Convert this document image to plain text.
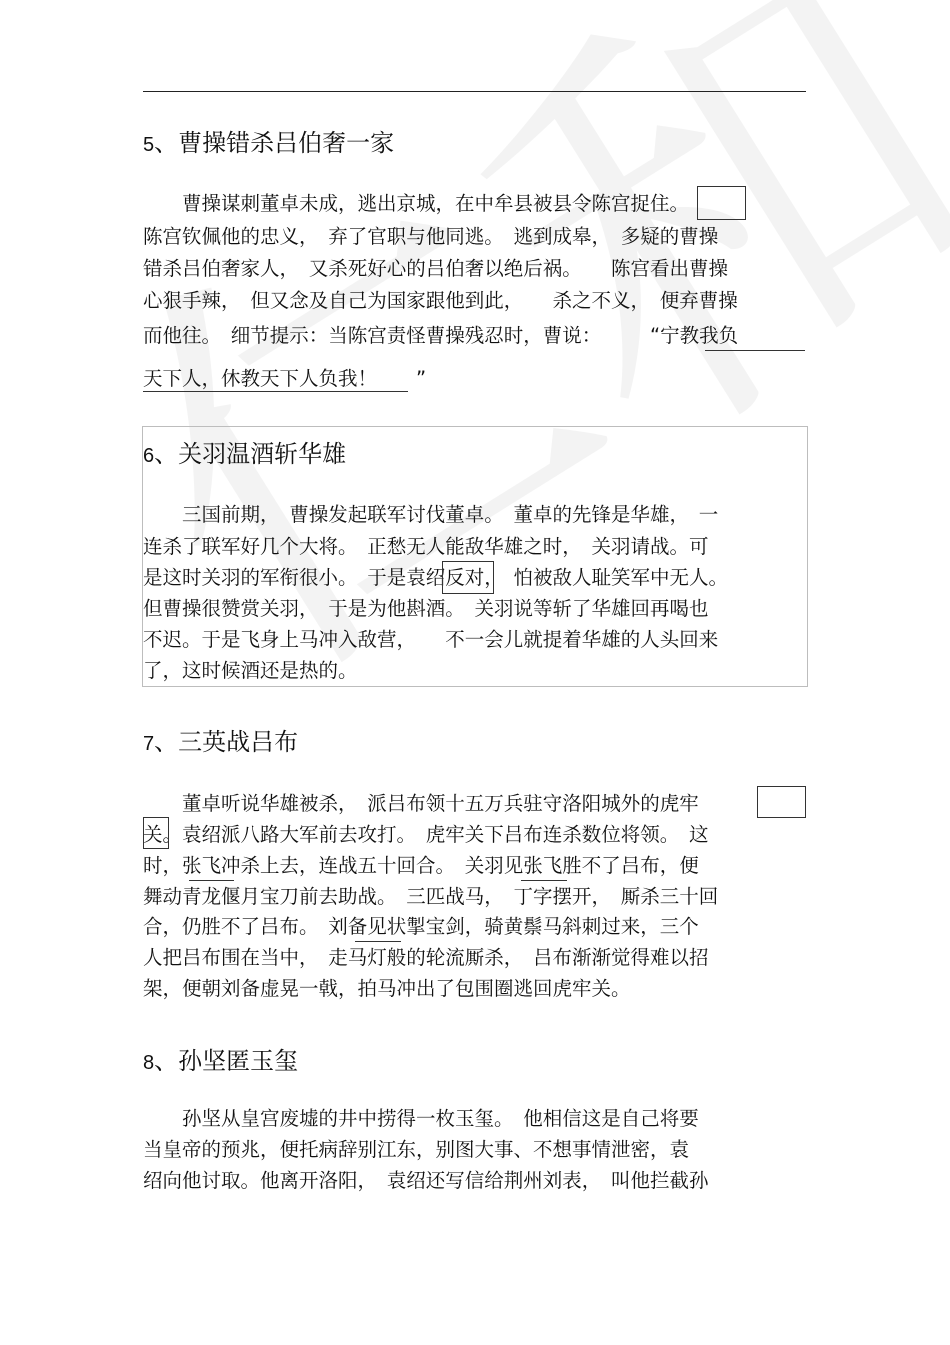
5、曹操错杀吕伯奢一家
　　曹操谋刺董卓未成，逃出京城，在中牟县被县令陈宫捉住。
陈宫钦佩他的忠义，　弃了官职与他同逃。　逃到成皋，　多疑的曹操
错杀吕伯奢家人，　又杀死好心的吕伯奢以绝后祸。　　陈宫看出曹操
心狠手辣，　但又念及自己为国家跟他到此，　　杀之不义，　便弃曹操
而他往。　细节提示：当陈宫责怪曹操残忍时，曹说：　　　“宁教我负
天下人，休教天下人负我！　　”
6、关羽温酒斩华雄
　　三国前期，　曹操发起联军讨伐董卓。　董卓的先锋是华雄，　一
连杀了联军好几个大将。　正愁无人能敌华雄之时，　关羽请战。可
是这时关羽的军衔很小。　于是袁绍反对，　怕被敌人耻笑军中无人。
但曹操很赞赏关羽，　于是为他斟酒。　关羽说等斩了华雄回再喝也
不迟。于是飞身上马冲入敌营，　　不一会儿就提着华雄的人头回来
了，这时候酒还是热的。
7、三英战吕布
　　董卓听说华雄被杀，　派吕布领十五万兵驻守洛阳城外的虎牢
关。袁绍派八路大军前去攻打。　虎牢关下吕布连杀数位将领。　这
时，张飞冲杀上去，连战五十回合。　关羽见张飞胜不了吕布，便
舞动青龙偃月宝刀前去助战。　三匹战马，　丁字摆开，　厮杀三十回
合，仍胜不了吕布。　刘备见状掣宝剑，骑黄鬃马斜刺过来，三个
人把吕布围在当中，　走马灯般的轮流厮杀，　吕布渐渐觉得难以招
架，便朝刘备虚晃一戟，拍马冲出了包围圈逃回虎牢关。
8、孙坚匿玉玺
　　孙坚从皇宫废墟的井中捞得一枚玉玺。　他相信这是自己将要
当皇帝的预兆，便托病辞别江东，别图大事、不想事情泄密，袁
绍向他讨取。他离开洛阳，　袁绍还写信给荆州刘表，　叫他拦截孙
